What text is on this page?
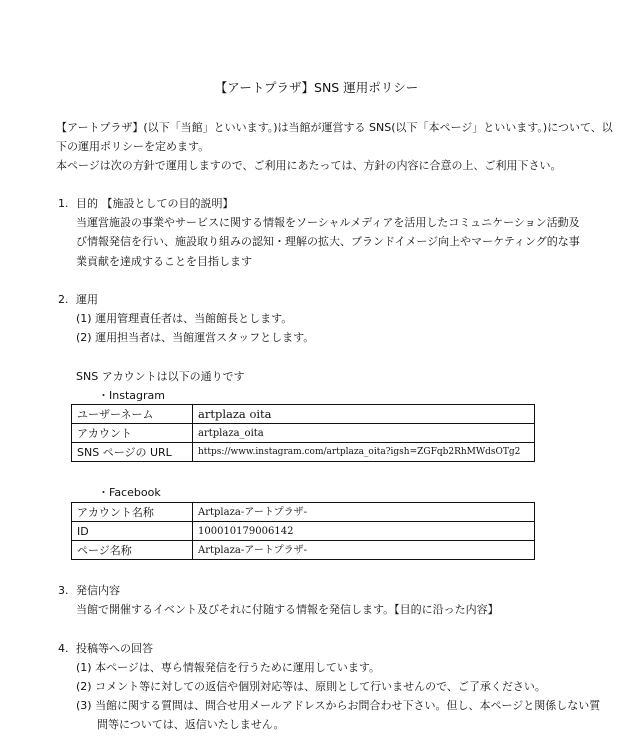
【アートプラザ】SNS 運用ポリシー
【アートプラザ】(以下「当館」といいます。)は当館が運営する SNS(以下「本ページ」といいます。)について、以
下の運用ポリシーを定めます。
本ページは次の方針で運用しますので、ご利用にあたっては、方針の内容に合意の上、ご利用下さい。
1. 目的 【施設としての目的説明】
当運営施設の事業やサービスに関する情報をソーシャルメディアを活用したコミュニケーション活動及
び情報発信を行い、施設取り組みの認知・理解の拡大、ブランドイメージ向上やマーケティング的な事
業貢献を達成することを目指します
2. 運用
(1) 運用管理責任者は、当館館長とします。
(2) 運用担当者は、当館運営スタッフとします。
SNS アカウントは以下の通りです
・Instagram
ユーザーネーム	artplaza oita
アカウント	artplaza_oita
SNS ページの URL	https://www.instagram.com/artplaza_oita?igsh=ZGFqb2RhMWdsOTg2
・Facebook
アカウント名称	Artplaza-アートプラザ-
ID	100010179006142
ページ名称	Artplaza-アートプラザ-
3. 発信内容
当館で開催するイベント及びそれに付随する情報を発信します。【目的に沿った内容】
4. 投稿等への回答
(1) 本ページは、専ら情報発信を行うために運用しています。
(2) コメント等に対しての返信や個別対応等は、原則として行いませんので、ご了承ください。
(3) 当館に関する質問は、問合せ用メールアドレスからお問合わせ下さい。但し、本ページと関係しない質
問等については、返信いたしません。
